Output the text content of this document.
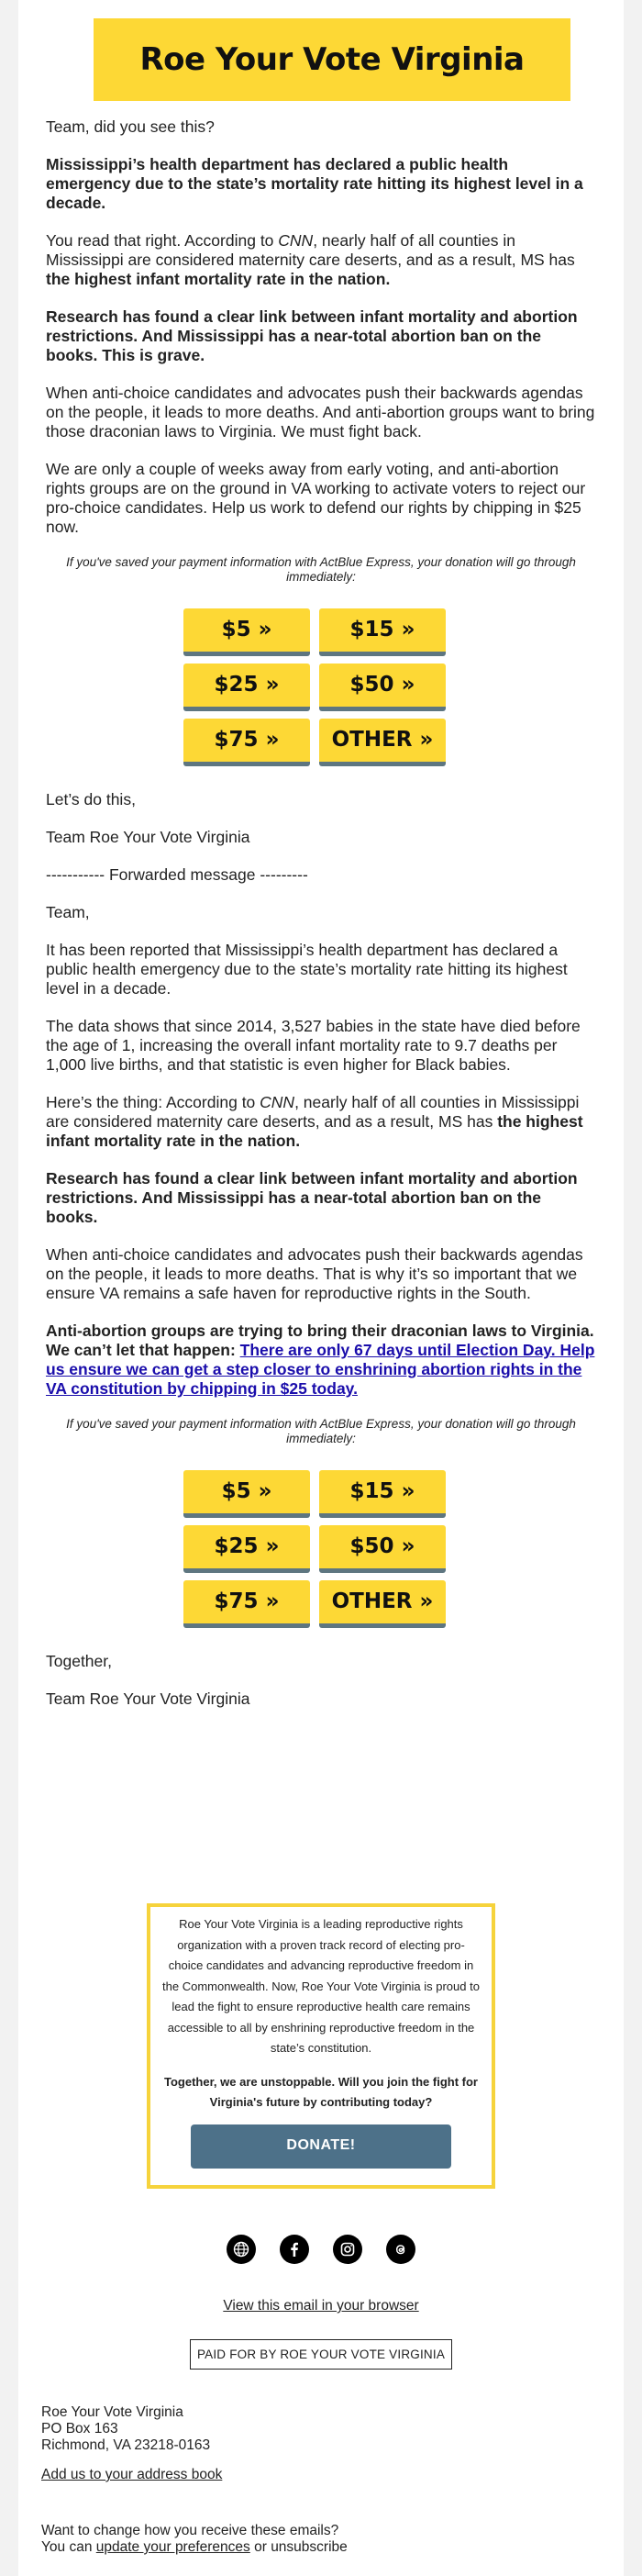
Roe Your Vote Virginia

Team, did you see this?

Mississippi’s health department has declared a public health emergency due to the state’s mortality rate hitting its highest level in a decade.

You read that right. According to CNN, nearly half of all counties in Mississippi are considered maternity care deserts, and as a result, MS has the highest infant mortality rate in the nation.

Research has found a clear link between infant mortality and abortion restrictions. And Mississippi has a near-total abortion ban on the books. This is grave.

When anti-choice candidates and advocates push their backwards agendas on the people, it leads to more deaths. And anti-abortion groups want to bring those draconian laws to Virginia. We must fight back.

We are only a couple of weeks away from early voting, and anti-abortion rights groups are on the ground in VA working to activate voters to reject our pro-choice candidates. Help us work to defend our rights by chipping in $25 now.

If you've saved your payment information with ActBlue Express, your donation will go through immediately:

$5 »	$15 »
$25 »	$50 »
$75 »	OTHER »

Let’s do this,

Team Roe Your Vote Virginia

----------- Forwarded message ---------

Team,

It has been reported that Mississippi’s health department has declared a public health emergency due to the state’s mortality rate hitting its highest level in a decade.

The data shows that since 2014, 3,527 babies in the state have died before the age of 1, increasing the overall infant mortality rate to 9.7 deaths per 1,000 live births, and that statistic is even higher for Black babies.

Here’s the thing: According to CNN, nearly half of all counties in Mississippi are considered maternity care deserts, and as a result, MS has the highest infant mortality rate in the nation.

Research has found a clear link between infant mortality and abortion restrictions. And Mississippi has a near-total abortion ban on the books.

When anti-choice candidates and advocates push their backwards agendas on the people, it leads to more deaths. That is why it’s so important that we ensure VA remains a safe haven for reproductive rights in the South.

Anti-abortion groups are trying to bring their draconian laws to Virginia. We can’t let that happen: There are only 67 days until Election Day. Help us ensure we can get a step closer to enshrining abortion rights in the VA constitution by chipping in $25 today.

If you've saved your payment information with ActBlue Express, your donation will go through immediately:

$5 »	$15 »
$25 »	$50 »
$75 »	OTHER »

Together,

Team Roe Your Vote Virginia

Roe Your Vote Virginia is a leading reproductive rights organization with a proven track record of electing pro-choice candidates and advancing reproductive freedom in the Commonwealth. Now, Roe Your Vote Virginia is proud to lead the fight to ensure reproductive health care remains accessible to all by enshrining reproductive freedom in the state’s constitution.

Together, we are unstoppable. Will you join the fight for Virginia's future by contributing today?

DONATE!
View this email in your browser
PAID FOR BY ROE YOUR VOTE VIRGINIA
Roe Your Vote Virginia
PO Box 163
Richmond, VA 23218-0163
Add us to your address book
Want to change how you receive these emails?
You can update your preferences or unsubscribe
